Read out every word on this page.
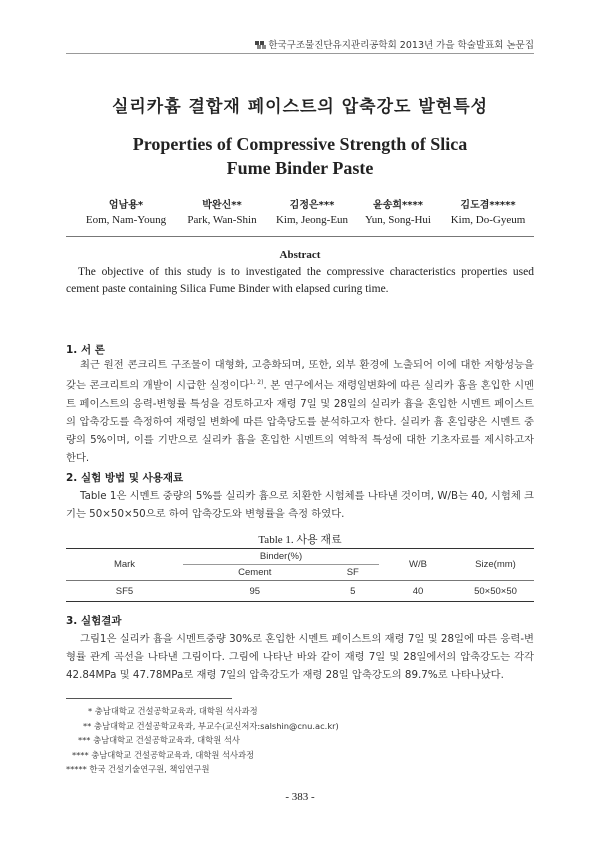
한국구조물진단유지관리공학회 2013년 가을 학술발표회 논문집
실리카흄 결합재 페이스트의 압축강도 발현특성
Properties of Compressive Strength of Slica
Fume Binder Paste
엄남용*
Eom, Nam-Young
박완신**
Park, Wan-Shin
김정은***
Kim, Jeong-Eun
윤송희****
Yun, Song-Hui
김도겸*****
Kim, Do-Gyeum
Abstract
The objective of this study is to investigated the compressive characteristics properties used cement paste containing Silica Fume Binder with elapsed curing time.
1. 서 론
최근 원전 콘크리트 구조물이 대형화, 고층화되며, 또한, 외부 환경에 노출되어 이에 대한 저항성능을 갖는 콘크리트의 개발이 시급한 실정이다$^{1, 2)}$. 본 연구에서는 재령일변화에 따른 실리카 흄을 혼입한 시멘트 페이스트의 응력-변형률 특성을 검토하고자 재령 7일 및 28일의 실리카 흄을 혼입한 시멘트 페이스트의 압축강도를 측정하여 재령일 변화에 따른 압축당도를 분석하고자 한다. 실리카 흄 혼입량은 시멘트 중량의 5%이며, 이를 기반으로 실리카 흄을 혼입한 시멘트의 역학적 특성에 대한 기초자료를 제시하고자 한다.
2. 실험 방법 및 사용재료
Table 1은 시멘트 중량의 5%를 실리카 흄으로 치환한 시험체를 나타낸 것이며, W/B는 40, 시험체 크기는 50×50×50으로 하여 압축강도와 변형률을 측정 하였다.
Table 1. 사용 재료
Mark	Binder(%)		W/B	Size(mm)
	Cement	SF		
SF5	95	5	40	50×50×50
3. 실험결과
그림1은 실리카 흄을 시멘트중량 30%로 혼입한 시멘트 페이스트의 재령 7일 및 28일에 따른 응력-변형률 관계 곡선을 나타낸 그림이다. 그림에 나타난 바와 같이 재령 7일 및 28일에서의 압축강도는 각각 42.84MPa 및 47.78MPa로 재령 7일의 압축강도가 재령 28일 압축강도의 89.7%로 나타나났다.
* 충남대학교 건설공학교육과, 대학원 석사과정
** 충남대학교 건설공학교육과, 부교수(교신저자:salshin@cnu.ac.kr)
*** 충남대학교 건설공학교육과, 대학원 석사
**** 충남대학교 건설공학교육과, 대학원 석사과정
***** 한국 건설기술연구원, 책임연구원
- 383 -
